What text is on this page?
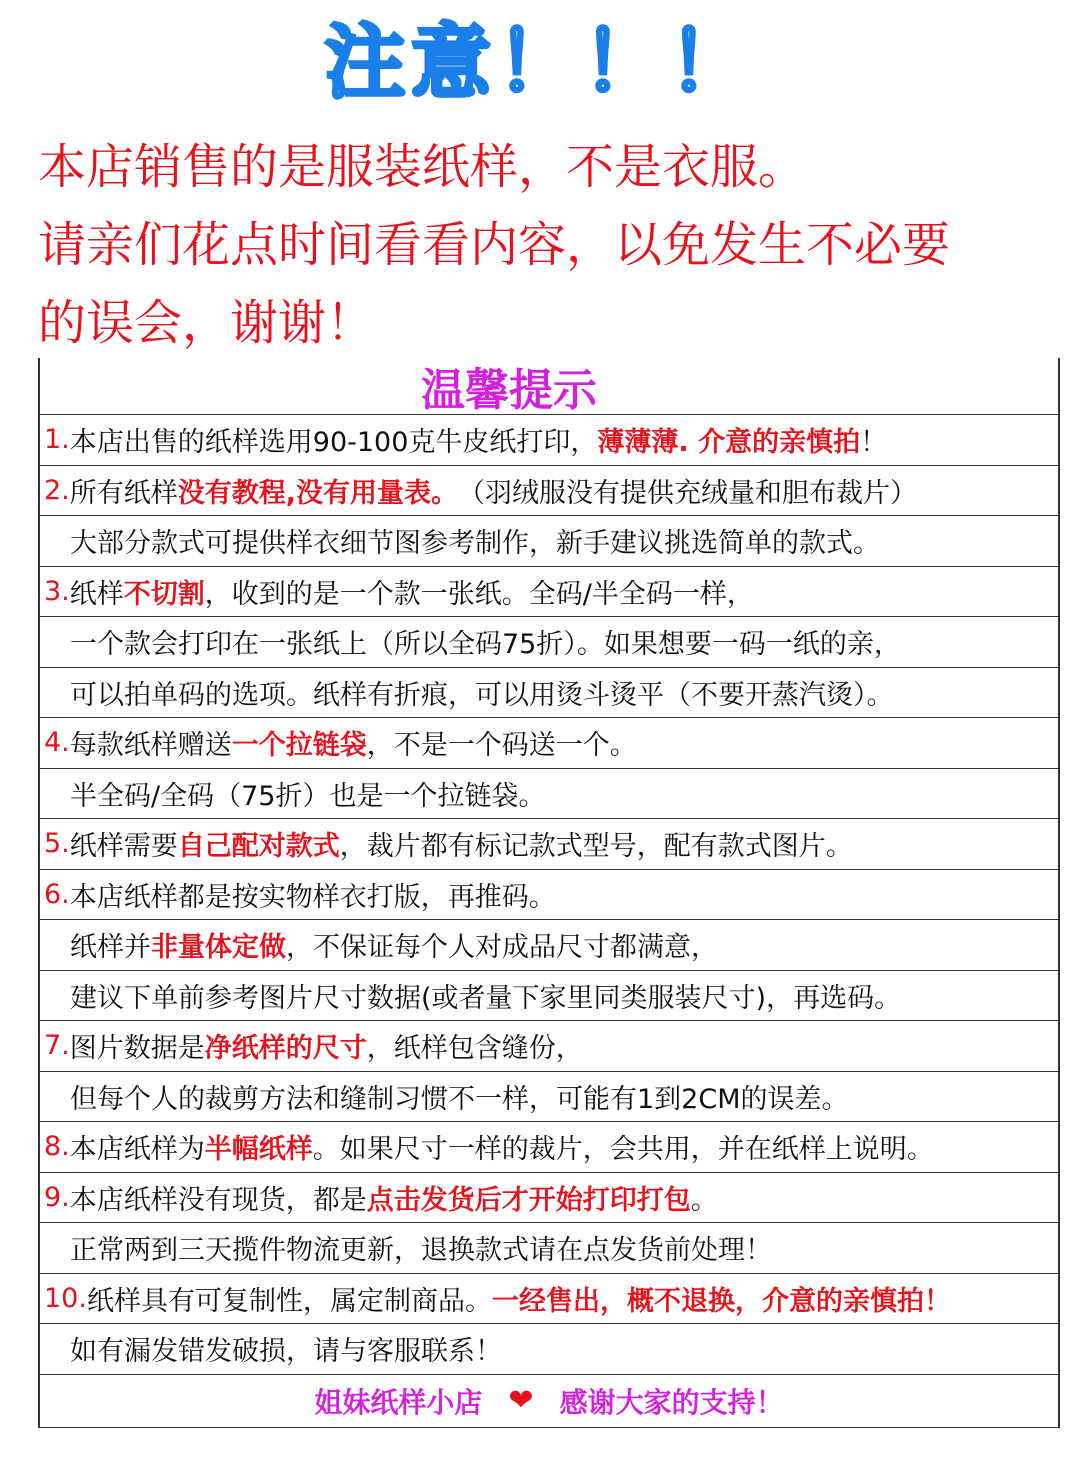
注意！！！
本店销售的是服装纸样，不是衣服。
请亲们花点时间看看内容，以免发生不必要
的误会，谢谢！
温馨提示
1. 本店出售的纸样选用90-100克牛皮纸打印， 薄薄薄. 介意的亲慎拍 ！
2. 所有纸样 没有教程,没有用量表。 （羽绒服没有提供充绒量和胆布裁片）
大部分款式可提供样衣细节图参考制作，新手建议挑选简单的款式。
3. 纸样 不切割 ，收到的是一个款一张纸。全码/半全码一样，
一个款会打印在一张纸上（所以全码75折）。如果想要一码一纸的亲，
可以拍单码的选项。纸样有折痕，可以用烫斗烫平（不要开蒸汽烫）。
4. 每款纸样赠送 一个拉链袋 ，不是一个码送一个。
半全码/全码（75折）也是一个拉链袋。
5. 纸样需要 自己配对款式 ，裁片都有标记款式型号，配有款式图片。
6. 本店纸样都是按实物样衣打版，再推码。
纸样并 非量体定做 ，不保证每个人对成品尺寸都满意，
建议下单前参考图片尺寸数据(或者量下家里同类服装尺寸)，再选码。
7. 图片数据是 净纸样的尺寸 ，纸样包含缝份，
但每个人的裁剪方法和缝制习惯不一样，可能有1到2CM的误差。
8. 本店纸样为 半幅纸样 。如果尺寸一样的裁片，会共用，并在纸样上说明。
9. 本店纸样没有现货，都是 点击发货后才开始打印打包 。
正常两到三天揽件物流更新，退换款式请在点发货前处理！
10. 纸样具有可复制性，属定制商品。 一经售出，概不退换，介意的亲慎拍！
如有漏发错发破损，请与客服联系！
姐妹纸样小店 ❤ 感谢大家的支持！
